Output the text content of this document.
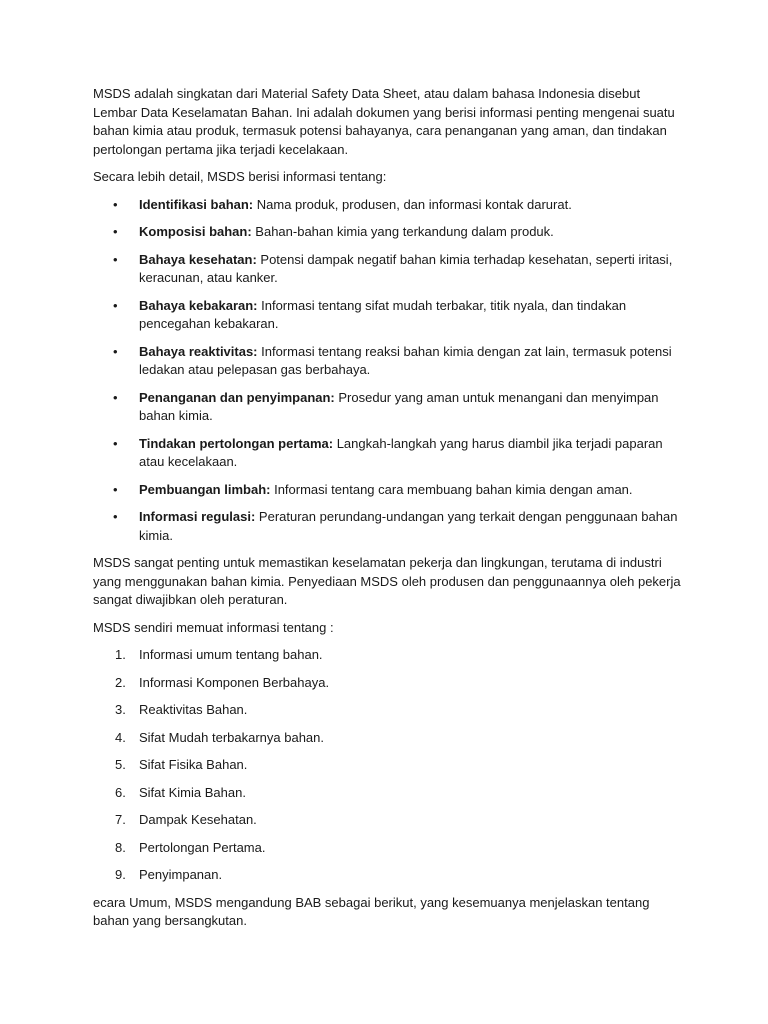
MSDS adalah singkatan dari Material Safety Data Sheet, atau dalam bahasa Indonesia disebut Lembar Data Keselamatan Bahan. Ini adalah dokumen yang berisi informasi penting mengenai suatu bahan kimia atau produk, termasuk potensi bahayanya, cara penanganan yang aman, dan tindakan pertolongan pertama jika terjadi kecelakaan.

Secara lebih detail, MSDS berisi informasi tentang:

• Identifikasi bahan: Nama produk, produsen, dan informasi kontak darurat.
• Komposisi bahan: Bahan-bahan kimia yang terkandung dalam produk.
• Bahaya kesehatan: Potensi dampak negatif bahan kimia terhadap kesehatan, seperti iritasi, keracunan, atau kanker.
• Bahaya kebakaran: Informasi tentang sifat mudah terbakar, titik nyala, dan tindakan pencegahan kebakaran.
• Bahaya reaktivitas: Informasi tentang reaksi bahan kimia dengan zat lain, termasuk potensi ledakan atau pelepasan gas berbahaya.
• Penanganan dan penyimpanan: Prosedur yang aman untuk menangani dan menyimpan bahan kimia.
• Tindakan pertolongan pertama: Langkah-langkah yang harus diambil jika terjadi paparan atau kecelakaan.
• Pembuangan limbah: Informasi tentang cara membuang bahan kimia dengan aman.
• Informasi regulasi: Peraturan perundang-undangan yang terkait dengan penggunaan bahan kimia.

MSDS sangat penting untuk memastikan keselamatan pekerja dan lingkungan, terutama di industri yang menggunakan bahan kimia. Penyediaan MSDS oleh produsen dan penggunaannya oleh pekerja sangat diwajibkan oleh peraturan.

MSDS sendiri memuat informasi tentang :

1. Informasi umum tentang bahan.
2. Informasi Komponen Berbahaya.
3. Reaktivitas Bahan.
4. Sifat Mudah terbakarnya bahan.
5. Sifat Fisika Bahan.
6. Sifat Kimia Bahan.
7. Dampak Kesehatan.
8. Pertolongan Pertama.
9. Penyimpanan.

ecara Umum, MSDS mengandung BAB sebagai berikut, yang kesemuanya menjelaskan tentang bahan yang bersangkutan.
